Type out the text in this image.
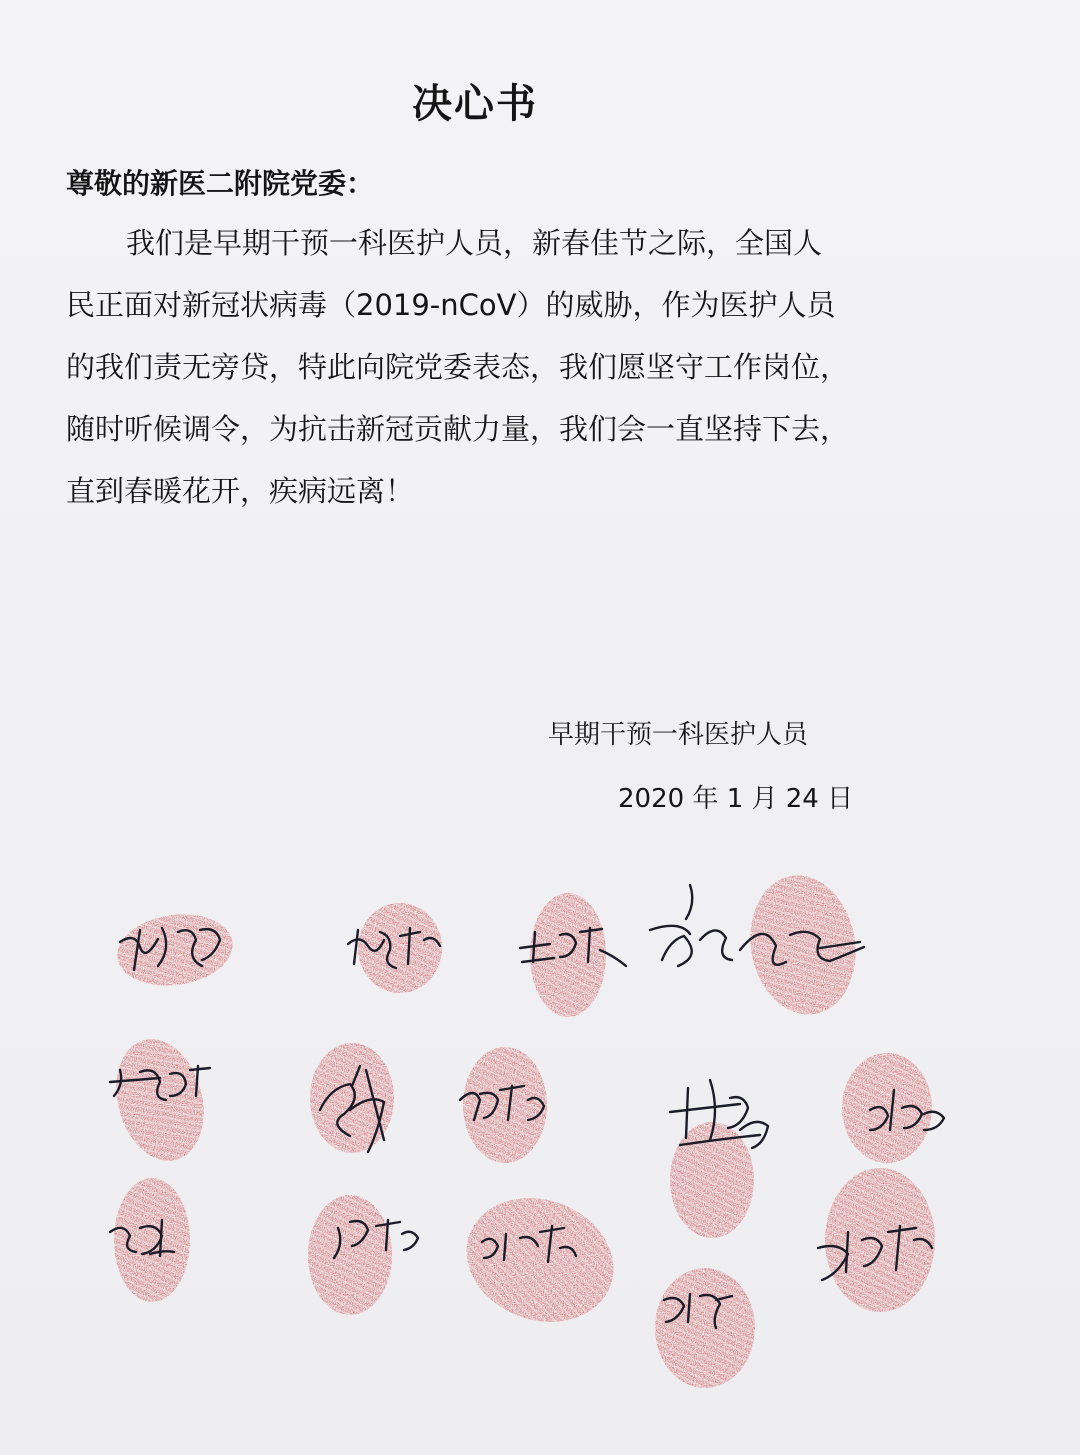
决心书

尊敬的新医二附院党委：

我们是早期干预一科医护人员，新春佳节之际，全国人

民正面对新冠状病毒（2019-nCoV）的威胁，作为医护人员

的我们责无旁贷，特此向院党委表态，我们愿坚守工作岗位，

随时听候调令，为抗击新冠贡献力量，我们会一直坚持下去，

直到春暖花开，疾病远离！

早期干预一科医护人员

2020 年 1 月 24 日
